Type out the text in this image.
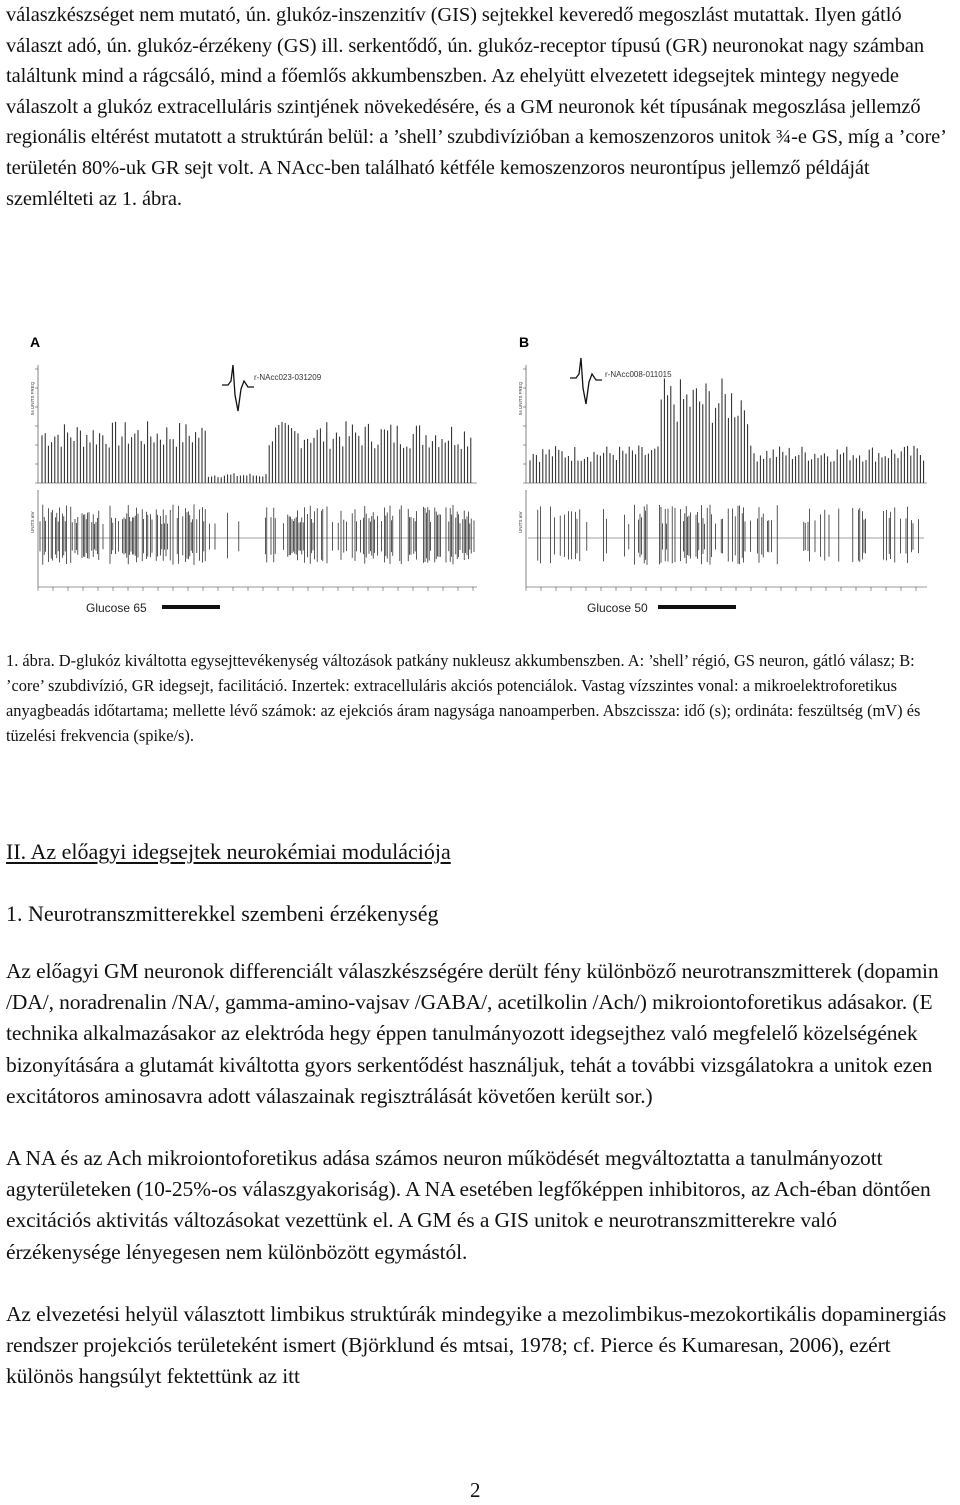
válaszkészséget nem mutató, ún. glukóz-inszenzitív (GIS) sejtekkel keveredő megoszlást mutattak. Ilyen gátló választ adó, ún. glukóz-érzékeny (GS) ill. serkentődő, ún. glukóz-receptor típusú (GR) neuronokat nagy számban találtunk mind a rágcsáló, mind a főemlős akkumbenszben. Az ehelyütt elvezetett idegsejtek mintegy negyede válaszolt a glukóz extracelluláris szintjének növekedésére, és a GM neuronok két típusának megoszlása jellemző regionális eltérést mutatott a struktúrán belül: a ’shell’ szubdivízióban a kemoszenzoros unitok ¾-e GS, míg a ’core’ területén 80%-uk GR sejt volt. A NAcc-ben található kétféle kemoszenzoros neurontípus jellemző példáját szemlélteti az 1. ábra.

A
r-NAcc023-031209
5s UNITS FREQ
UNITS mV
Glucose 65
B
r-NAcc008-011015
5s UNITS FREQ
UNITS mV
Glucose 50

1. ábra. D-glukóz kiváltotta egysejttevékenység változások patkány nukleusz akkumbenszben. A: ’shell’ régió, GS neuron, gátló válasz; B: ’core’ szubdivízió, GR idegsejt, facilitáció. Inzertek: extracelluláris akciós potenciálok. Vastag vízszintes vonal: a mikroelektroforetikus anyagbeadás időtartama; mellette lévő számok: az ejekciós áram nagysága nanoamperben. Abszcissza: idő (s); ordináta: feszültség (mV) és tüzelési frekvencia (spike/s).

II. Az előagyi idegsejtek neurokémiai modulációja
1. Neurotranszmitterekkel szembeni érzékenység

Az előagyi GM neuronok differenciált válaszkészségére derült fény különböző neurotranszmitterek (dopamin /DA/, noradrenalin /NA/, gamma-amino-vajsav /GABA/, acetilkolin /Ach/) mikroiontoforetikus adásakor. (E technika alkalmazásakor az elektróda hegy éppen tanulmányozott idegsejthez való megfelelő közelségének bizonyítására a glutamát kiváltotta gyors serkentődést használjuk, tehát a további vizsgálatokra a unitok ezen excitátoros aminosavra adott válaszainak regisztrálását követően került sor.)

A NA és az Ach mikroiontoforetikus adása számos neuron működését megváltoztatta a tanulmányozott agyterületeken (10-25%-os válaszgyakoriság). A NA esetében legfőképpen inhibitoros, az Ach-éban döntően excitációs aktivitás változásokat vezettünk el. A GM és a GIS unitok e neurotranszmitterekre való érzékenysége lényegesen nem különbözött egymástól.

Az elvezetési helyül választott limbikus struktúrák mindegyike a mezolimbikus-mezokortikális dopaminergiás rendszer projekciós területeként ismert (Björklund és mtsai, 1978; cf. Pierce és Kumaresan, 2006), ezért különös hangsúlyt fektettünk az itt

2
